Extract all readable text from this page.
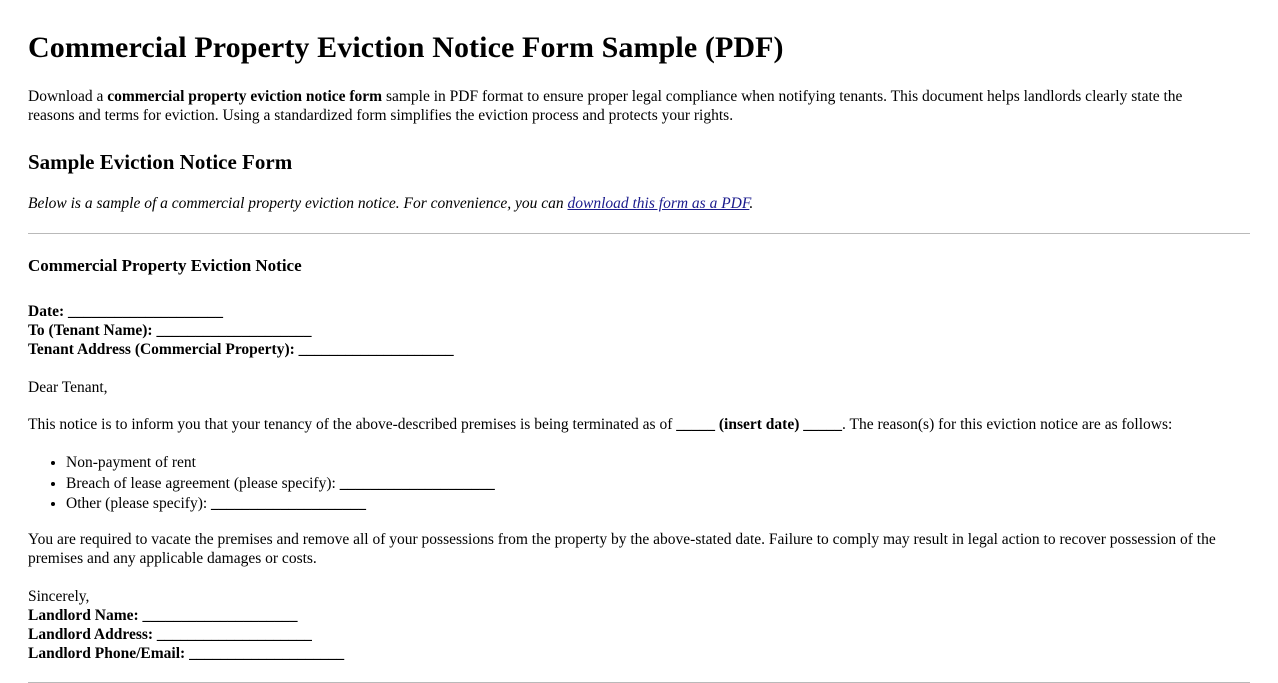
Commercial Property Eviction Notice Form Sample (PDF)

Download a commercial property eviction notice form sample in PDF format to ensure proper legal compliance when notifying tenants. This document helps landlords clearly state the reasons and terms for eviction. Using a standardized form simplifies the eviction process and protects your rights.

Sample Eviction Notice Form

Below is a sample of a commercial property eviction notice. For convenience, you can download this form as a PDF.

Commercial Property Eviction Notice
Date: ____________________
To (Tenant Name): ____________________
Tenant Address (Commercial Property): ____________________

Dear Tenant,

This notice is to inform you that your tenancy of the above-described premises is being terminated as of _____ (insert date) _____. The reason(s) for this eviction notice are as follows:

• Non-payment of rent
• Breach of lease agreement (please specify): ____________________
• Other (please specify): ____________________

You are required to vacate the premises and remove all of your possessions from the property by the above-stated date. Failure to comply may result in legal action to recover possession of the premises and any applicable damages or costs.

Sincerely,
Landlord Name: ____________________
Landlord Address: ____________________
Landlord Phone/Email: ____________________
